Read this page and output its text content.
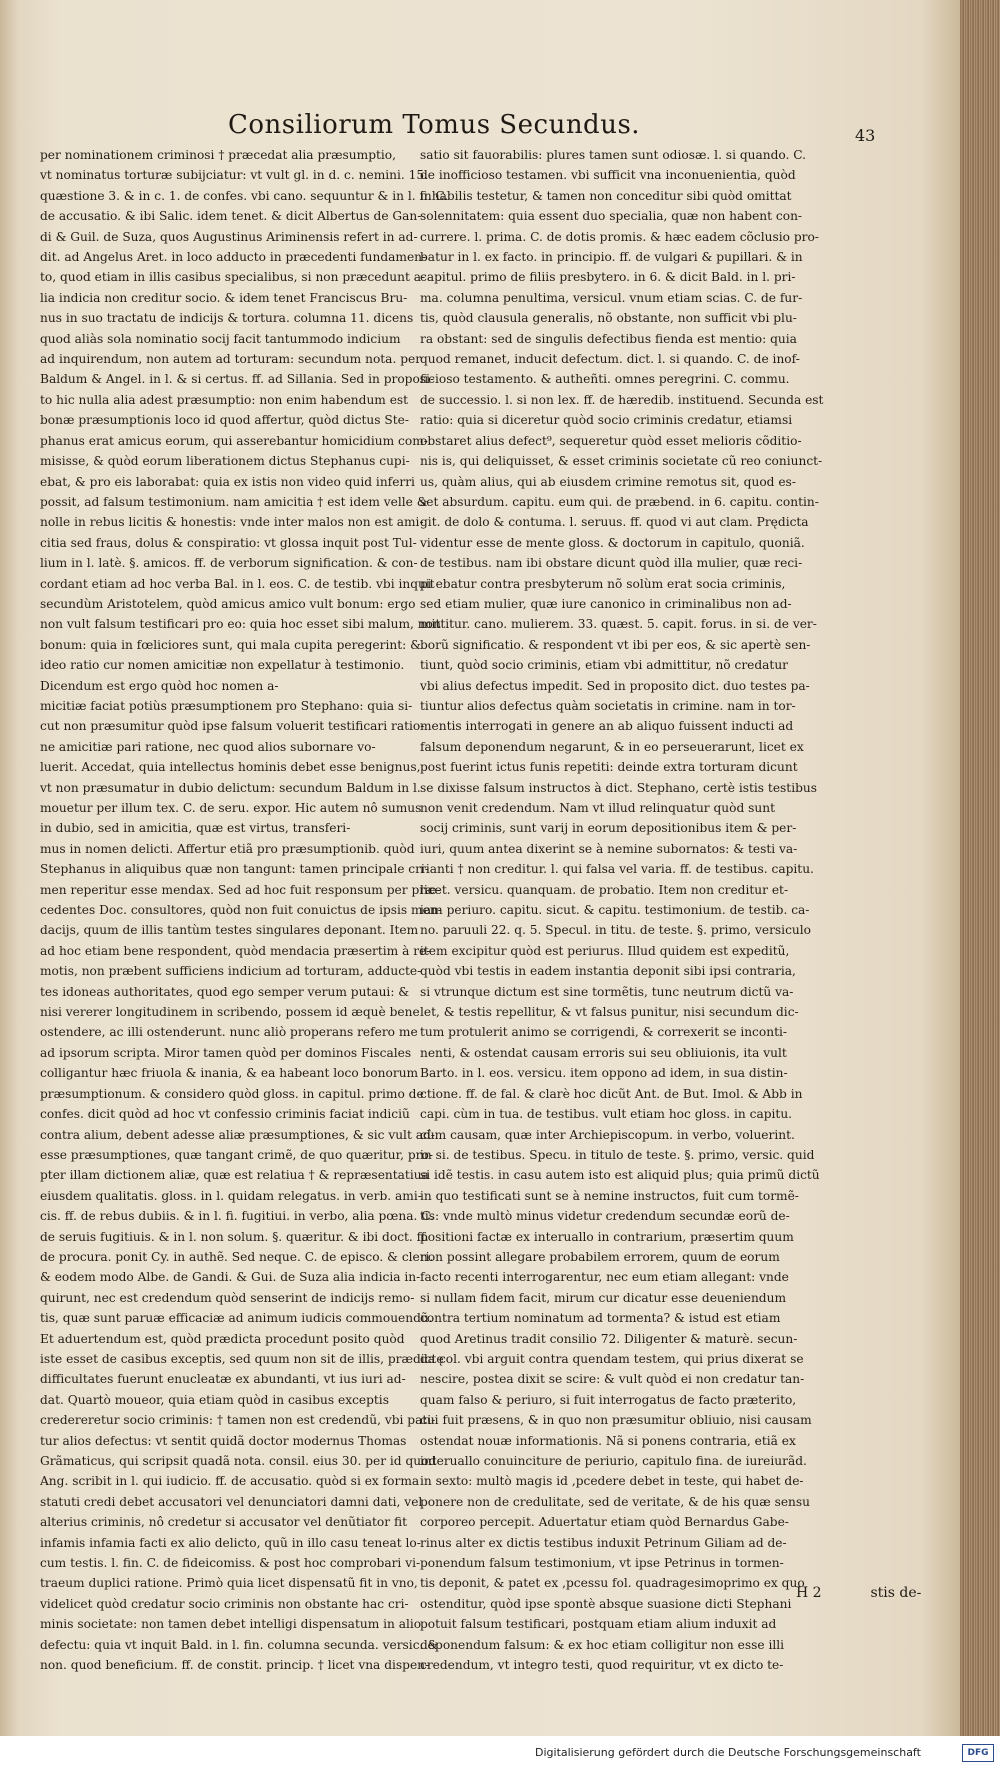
Consiliorum Tomus Secundus.	43
per nominationem criminosi † præcedat alia præsumptio,
vt nominatus torturæ subijciatur: vt vult gl. in d. c. nemini. 15.
quæstione 3. & in c. 1. de confes. vbi cano. sequuntur & in l. fi. C.
de accusatio. & ibi Salic. idem tenet. & dicit Albertus de Gan-
di & Guil. de Suza, quos Augustinus Ariminensis refert in ad-
dit. ad Angelus Aret. in loco adducto in præcedenti fundamen-
to, quod etiam in illis casibus specialibus, si non præcedunt a-
lia indicia non creditur socio. & idem tenet Franciscus Bru-
nus in suo tractatu de indicijs & tortura. columna 11. dicens
quod aliàs sola nominatio socij facit tantummodo indicium
ad inquirendum, non autem ad torturam: secundum nota. per
Baldum & Angel. in l. & si certus. ff. ad Sillania. Sed in proposi-
to hic nulla alia adest præsumptio: non enim habendum est
bonæ præsumptionis loco id quod affertur, quòd dictus Ste-
phanus erat amicus eorum, qui asserebantur homicidium com-
misisse, & quòd eorum liberationem dictus Stephanus cupi-
ebat, & pro eis laborabat: quia ex istis non video quid inferri
possit, ad falsum testimonium. nam amicitia † est idem velle &
nolle in rebus licitis & honestis: vnde inter malos non est ami-
citia sed fraus, dolus & conspiratio: vt glossa inquit post Tul-
lium in l. latè. §. amicos. ff. de verborum signification. & con-
cordant etiam ad hoc verba Bal. in l. eos. C. de testib. vbi inquit
secundùm Aristotelem, quòd amicus amico vult bonum: ergo
non vult falsum testificari pro eo: quia hoc esset sibi malum, non
bonum: quia in fœliciores sunt, qui mala cupita peregerint: &
ideo ratio cur nomen amicitiæ non expellatur à testimonio.
Dicendum est ergo quòd hoc nomen a-
micitiæ faciat potiùs præsumptionem pro Stephano: quia si-
cut non præsumitur quòd ipse falsum voluerit testificari ratio-
ne amicitiæ pari ratione, nec quod alios subornare vo-
luerit. Accedat, quia intellectus hominis debet esse benignus,
vt non præsumatur in dubio delictum: secundum Baldum in l.
mouetur per illum tex. C. de seru. expor. Hic autem nô sumus
in dubio, sed in amicitia, quæ est virtus, transferi-
mus in nomen delicti. Affertur etiã pro præsumptionib. quòd
Stephanus in aliquibus quæ non tangunt: tamen principale cri-
men reperitur esse mendax. Sed ad hoc fuit responsum per præ-
cedentes Doc. consultores, quòd non fuit conuictus de ipsis men-
dacijs, quum de illis tantùm testes singulares deponant. Item
ad hoc etiam bene respondent, quòd mendacia præsertim à re-
motis, non præbent sufficiens indicium ad torturam, adducte-
tes idoneas authoritates, quod ego semper verum putaui: &
nisi vererer longitudinem in scribendo, possem id æquè bene
ostendere, ac illi ostenderunt. nunc aliò properans refero me
ad ipsorum scripta. Miror tamen quòd per dominos Fiscales
colligantur hæc friuola & inania, & ea habeant loco bonorum
præsumptionum. & considero quòd gloss. in capitul. primo de
confes. dicit quòd ad hoc vt confessio criminis faciat indiciũ
contra alium, debent adesse aliæ præsumptiones, & sic vult ad-
esse præsumptiones, quæ tangant crimẽ, de quo quæritur, pro-
pter illam dictionem aliæ, quæ est relatiua † & repræsentatiua
eiusdem qualitatis. gloss. in l. quidam relegatus. in verb. ami-
cis. ff. de rebus dubiis. & in l. fi. fugitiui. in verbo, alia pœna. C.
de seruis fugitiuis. & in l. non solum. §. quæritur. & ibi doct. ff.
de procura. ponit Cy. in authẽ. Sed neque. C. de episco. & cleri.
& eodem modo Albe. de Gandi. & Gui. de Suza alia indicia in-
quirunt, nec est credendum quòd senserint de indicijs remo-
tis, quæ sunt paruæ efficaciæ ad animum iudicis commouendũ.
Et aduertendum est, quòd prædicta procedunt posito quòd
iste esset de casibus exceptis, sed quum non sit de illis, prædictę
difficultates fuerunt enucleatæ ex abundanti, vt ius iuri ad-
dat. Quartò moueor, quia etiam quòd in casibus exceptis
credereretur socio criminis: † tamen non est credendũ, vbi pati-
tur alios defectus: vt sentit quidã doctor modernus Thomas
Grãmaticus, qui scripsit quadã nota. consil. eius 30. per id quod
Ang. scribit in l. qui iudicio. ff. de accusatio. quòd si ex forma
statuti credi debet accusatori vel denunciatori damni dati, vel
alterius criminis, nô credetur si accusator vel denũtiator fit
infamis infamia facti ex alio delicto, quũ in illo casu teneat lo-
cum testis. l. fin. C. de fideicomiss. & post hoc comprobari vi-
traeum duplici ratione. Primò quia licet dispensatũ fit in vno,
videlicet quòd credatur socio criminis non obstante hac cri-
minis societate: non tamen debet intelligi dispensatum in alio
defectu: quia vt inquit Bald. in l. fin. columna secunda. versic. &
non. quod beneficium. ff. de constit. princip. † licet vna dispen-
satio sit fauorabilis: plures tamen sunt odiosæ. l. si quando. C.
de inofficioso testamen. vbi sufficit vna inconuenientia, quòd
inhabilis testetur, & tamen non conceditur sibi quòd omittat
solennitatem: quia essent duo specialia, quæ non habent con-
currere. l. prima. C. de dotis promis. & hæc eadem cõclusio pro-
batur in l. ex facto. in principio. ff. de vulgari & pupillari. & in
capitul. primo de filiis presbytero. in 6. & dicit Bald. in l. pri-
ma. columna penultima, versicul. vnum etiam scias. C. de fur-
tis, quòd clausula generalis, nõ obstante, non sufficit vbi plu-
ra obstant: sed de singulis defectibus fienda est mentio: quia
quod remanet, inducit defectum. dict. l. si quando. C. de inof-
ficioso testamento. & autheñti. omnes peregrini. C. commu.
de successio. l. si non lex. ff. de hæredib. instituend. Secunda est
ratio: quia si diceretur quòd socio criminis credatur, etiamsi
obstaret alius defect⁹, sequeretur quòd esset melioris cõditio-
nis is, qui deliquisset, & esset criminis societate cũ reo coniunct-
us, quàm alius, qui ab eiusdem crimine remotus sit, quod es-
set absurdum. capitu. eum qui. de præbend. in 6. capitu. contin-
git. de dolo & contuma. l. seruus. ff. quod vi aut clam. Prędicta
videntur esse de mente gloss. & doctorum in capitulo, quoniã.
de testibus. nam ibi obstare dicunt quòd illa mulier, quæ reci-
pi ebatur contra presbyterum nõ solùm erat socia criminis,
sed etiam mulier, quæ iure canonico in criminalibus non ad-
mittitur. cano. mulierem. 33. quæst. 5. capit. forus. in si. de ver-
borũ significatio. & respondent vt ibi per eos, & sic apertè sen-
tiunt, quòd socio criminis, etiam vbi admittitur, nõ credatur
vbi alius defectus impedit. Sed in proposito dict. duo testes pa-
tiuntur alios defectus quàm societatis in crimine. nam in tor-
mentis interrogati in genere an ab aliquo fuissent inducti ad
falsum deponendum negarunt, & in eo perseuerarunt, licet ex
post fuerint ictus funis repetiti: deinde extra torturam dicunt
se dixisse falsum instructos à dict. Stephano, certè istis testibus
non venit credendum. Nam vt illud relinquatur quòd sunt
socij criminis, sunt varij in eorum depositionibus item & per-
iuri, quum antea dixerint se à nemine subornatos: & testi va-
rianti † non creditur. l. qui falsa vel varia. ff. de testibus. capitu.
licet. versicu. quanquam. de probatio. Item non creditur et-
iam periuro. capitu. sicut. & capitu. testimonium. de testib. ca-
no. paruuli 22. q. 5. Specul. in titu. de teste. §. primo, versiculo
item excipitur quòd est periurus. Illud quidem est expeditũ,
quòd vbi testis in eadem instantia deponit sibi ipsi contraria,
si vtrunque dictum est sine tormẽtis, tunc neutrum dictũ va-
let, & testis repellitur, & vt falsus punitur, nisi secundum dic-
tum protulerit animo se corrigendi, & correxerit se inconti-
nenti, & ostendat causam erroris sui seu obliuionis, ita vult
Barto. in l. eos. versicu. item oppono ad idem, in sua distin-
ctione. ff. de fal. & clarè hoc dicũt Ant. de But. Imol. & Abb in
capi. cùm in tua. de testibus. vult etiam hoc gloss. in capitu.
cùm causam, quæ inter Archiepiscopum. in verbo, voluerint.
in si. de testibus. Specu. in titulo de teste. §. primo, versic. quid
si idẽ testis. in casu autem isto est aliquid plus; quia primũ dictũ
in quo testificati sunt se à nemine instructos, fuit cum tormẽ-
tis: vnde multò minus videtur credendum secundæ eorũ de-
positioni factæ ex interuallo in contrarium, præsertim quum
non possint allegare probabilem errorem, quum de eorum
facto recenti interrogarentur, nec eum etiam allegant: vnde
si nullam fidem facit, mirum cur dicatur esse deueniendum
contra tertium nominatum ad tormenta? & istud est etiam
quod Aretinus tradit consilio 72. Diligenter & maturè. secun-
da col. vbi arguit contra quendam testem, qui prius dixerat se
nescire, postea dixit se scire: & vult quòd ei non credatur tan-
quam falso & periuro, si fuit interrogatus de facto præterito,
cui fuit præsens, & in quo non præsumitur obliuio, nisi causam
ostendat nouæ informationis. Nã si ponens contraria, etiã ex
interuallo conuinciture de periurio, capitulo fina. de iureiurãd.
in sexto: multò magis id ,pcedere debet in teste, qui habet de-
ponere non de credulitate, sed de veritate, & de his quæ sensu
corporeo percepit. Aduertatur etiam quòd Bernardus Gabe-
rinus alter ex dictis testibus induxit Petrinum Giliam ad de-
ponendum falsum testimonium, vt ipse Petrinus in tormen-
tis deponit, & patet ex ,pcessu fol. quadragesimoprimo ex quo
ostenditur, quòd ipse spontè absque suasione dicti Stephani
potuit falsum testificari, postquam etiam alium induxit ad
deponendum falsum: & ex hoc etiam colligitur non esse illi
credendum, vt integro testi, quod requiritur, vt ex dicto te-
H 2	stis de-
Digitalisierung gefördert durch die Deutsche Forschungsgemeinschaft	DFG
